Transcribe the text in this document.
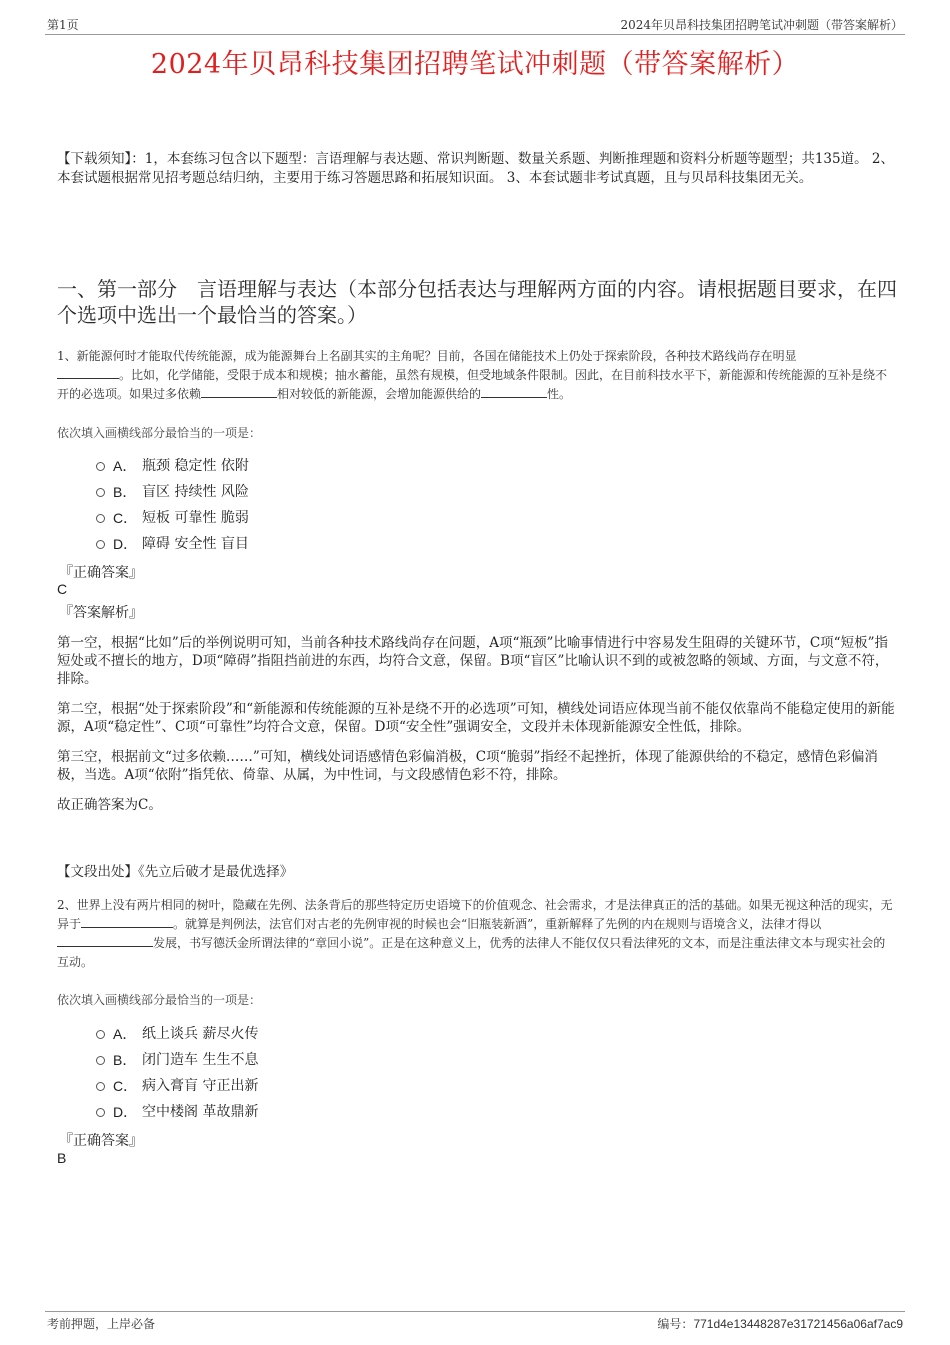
第1页	2024年贝昂科技集团招聘笔试冲刺题（带答案解析）
2024年贝昂科技集团招聘笔试冲刺题（带答案解析）
【下载须知】：1，本套练习包含以下题型：言语理解与表达题、常识判断题、数量关系题、判断推理题和资料分析题等题型；共135道。 2、本套试题根据常见招考题总结归纳，主要用于练习答题思路和拓展知识面。 3、本套试题非考试真题，且与贝昂科技集团无关。
一、第一部分　言语理解与表达（本部分包括表达与理解两方面的内容。请根据题目要求，在四个选项中选出一个最恰当的答案。）
1、新能源何时才能取代传统能源，成为能源舞台上名副其实的主角呢？目前，各国在储能技术上仍处于探索阶段，各种技术路线尚存在明显
。比如，化学储能，受限于成本和规模；抽水蓄能，虽然有规模，但受地域条件限制。因此，在目前科技水平下，新能源和传统能源的互补是绕不开的必选项。如果过多依赖	相对较低的新能源，会增加能源供给的	性。
依次填入画横线部分最恰当的一项是：
A． 瓶颈 稳定性 依附
B． 盲区 持续性 风险
C． 短板 可靠性 脆弱
D． 障碍 安全性 盲目
『正确答案』
C
『答案解析』

第一空，根据“比如”后的举例说明可知，当前各种技术路线尚存在问题，A项“瓶颈”比喻事情进行中容易发生阻碍的关键环节，C项“短板”指短处或不擅长的地方，D项“障碍”指阻挡前进的东西，均符合文意，保留。B项“盲区”比喻认识不到的或被忽略的领域、方面，与文意不符，排除。

第二空，根据“处于探索阶段”和“新能源和传统能源的互补是绕不开的必选项”可知，横线处词语应体现当前不能仅依靠尚不能稳定使用的新能源，A项“稳定性”、C项“可靠性”均符合文意，保留。D项“安全性”强调安全，文段并未体现新能源安全性低，排除。

第三空，根据前文“过多依赖……”可知，横线处词语感情色彩偏消极，C项“脆弱”指经不起挫折，体现了能源供给的不稳定，感情色彩偏消极，当选。A项“依附”指凭依、倚靠、从属，为中性词，与文段感情色彩不符，排除。

故正确答案为C。

【文段出处】《先立后破才是最优选择》
2、世界上没有两片相同的树叶，隐藏在先例、法条背后的那些特定历史语境下的价值观念、社会需求，才是法律真正的活的基础。如果无视这种活的现实，无异于	。就算是判例法，法官们对古老的先例审视的时候也会“旧瓶装新酒”，重新解释了先例的内在规则与语境含义，法律才得以发展，书写德沃金所谓法律的“章回小说”。正是在这种意义上，优秀的法律人不能仅仅只看法律死的文本，而是注重法律文本与现实社会的互动。
依次填入画横线部分最恰当的一项是：
A． 纸上谈兵 薪尽火传
B． 闭门造车 生生不息
C． 病入膏肓 守正出新
D． 空中楼阁 革故鼎新
『正确答案』
B
考前押题，上岸必备	编号：771d4e13448287e31721456a06af7ac9
